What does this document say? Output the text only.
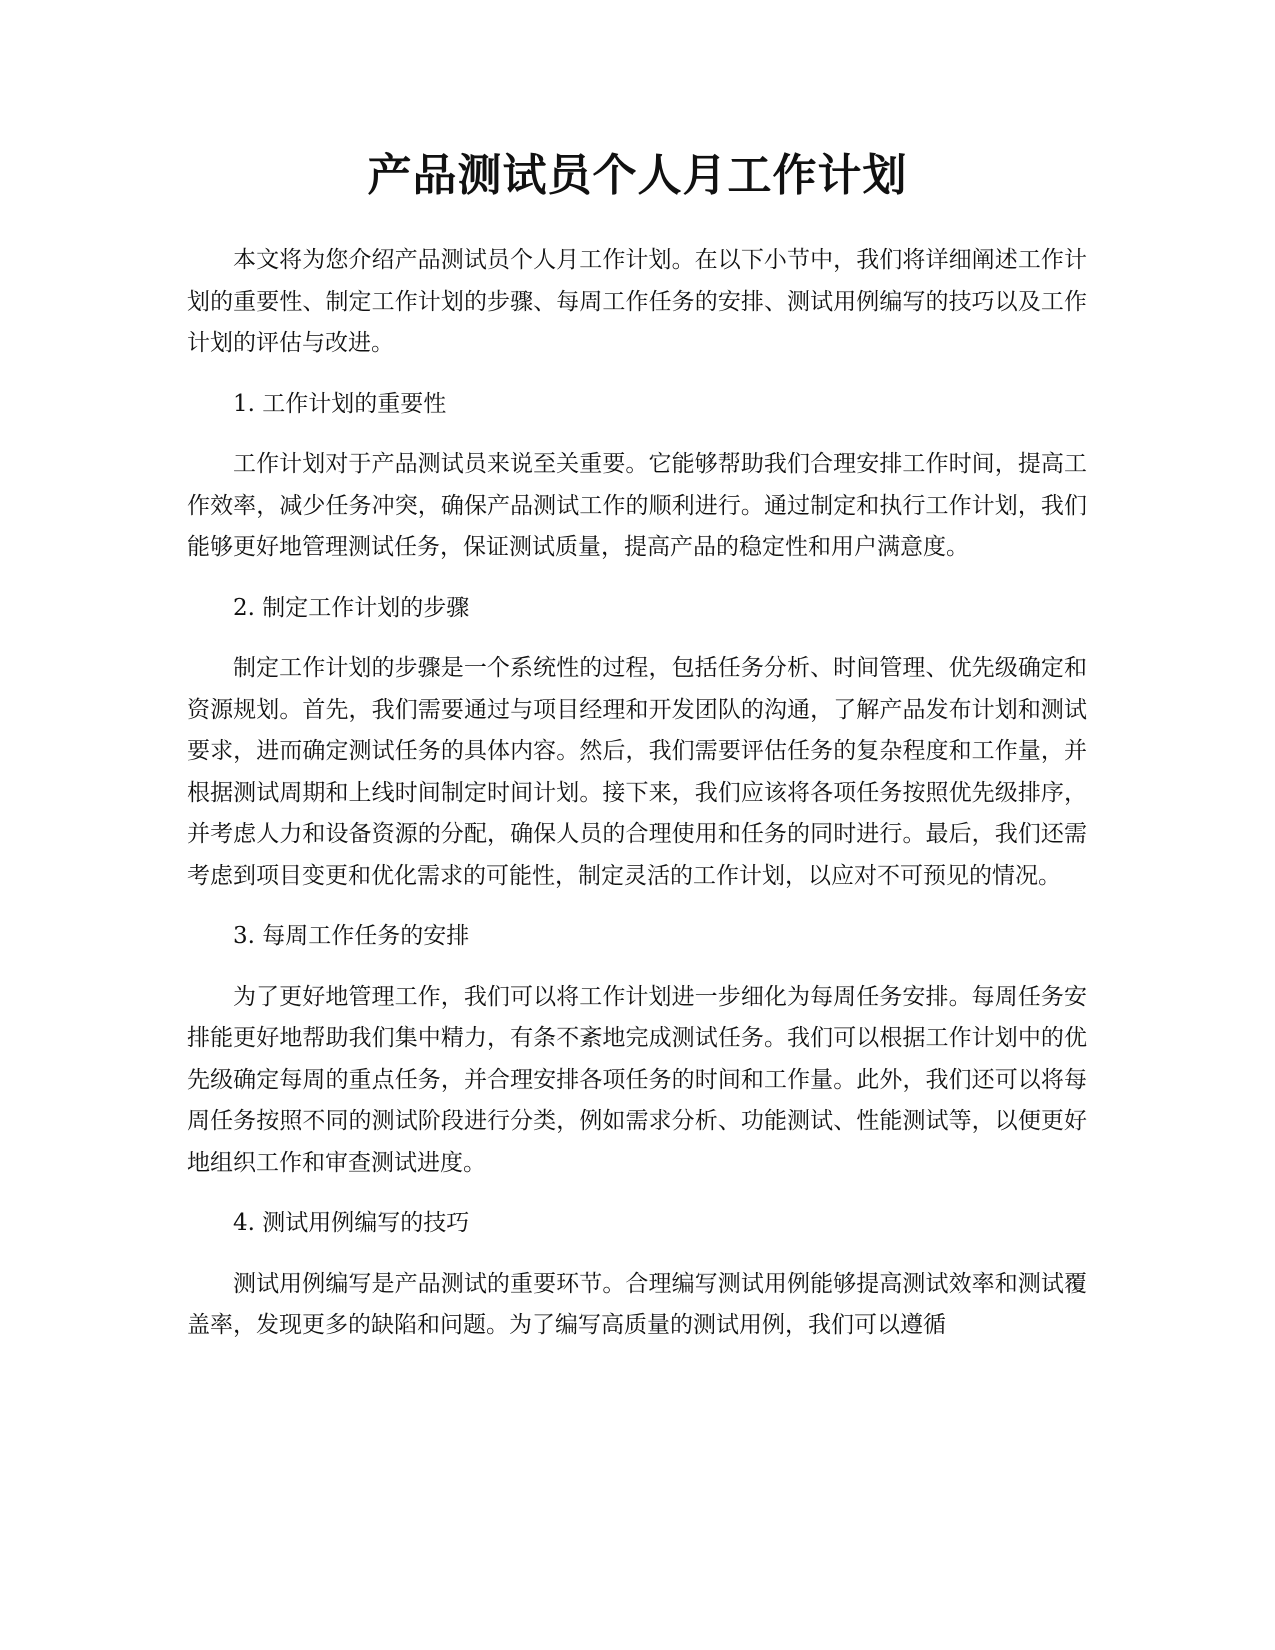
产品测试员个人月工作计划

本文将为您介绍产品测试员个人月工作计划。在以下小节中，我们将详细阐述工作计划的重要性、制定工作计划的步骤、每周工作任务的安排、测试用例编写的技巧以及工作计划的评估与改进。

1. 工作计划的重要性

工作计划对于产品测试员来说至关重要。它能够帮助我们合理安排工作时间，提高工作效率，减少任务冲突，确保产品测试工作的顺利进行。通过制定和执行工作计划，我们能够更好地管理测试任务，保证测试质量，提高产品的稳定性和用户满意度。

2. 制定工作计划的步骤

制定工作计划的步骤是一个系统性的过程，包括任务分析、时间管理、优先级确定和资源规划。首先，我们需要通过与项目经理和开发团队的沟通，了解产品发布计划和测试要求，进而确定测试任务的具体内容。然后，我们需要评估任务的复杂程度和工作量，并根据测试周期和上线时间制定时间计划。接下来，我们应该将各项任务按照优先级排序，并考虑人力和设备资源的分配，确保人员的合理使用和任务的同时进行。最后，我们还需考虑到项目变更和优化需求的可能性，制定灵活的工作计划，以应对不可预见的情况。

3. 每周工作任务的安排

为了更好地管理工作，我们可以将工作计划进一步细化为每周任务安排。每周任务安排能更好地帮助我们集中精力，有条不紊地完成测试任务。我们可以根据工作计划中的优先级确定每周的重点任务，并合理安排各项任务的时间和工作量。此外，我们还可以将每周任务按照不同的测试阶段进行分类，例如需求分析、功能测试、性能测试等，以便更好地组织工作和审查测试进度。

4. 测试用例编写的技巧

测试用例编写是产品测试的重要环节。合理编写测试用例能够提高测试效率和测试覆盖率，发现更多的缺陷和问题。为了编写高质量的测试用例，我们可以遵循
